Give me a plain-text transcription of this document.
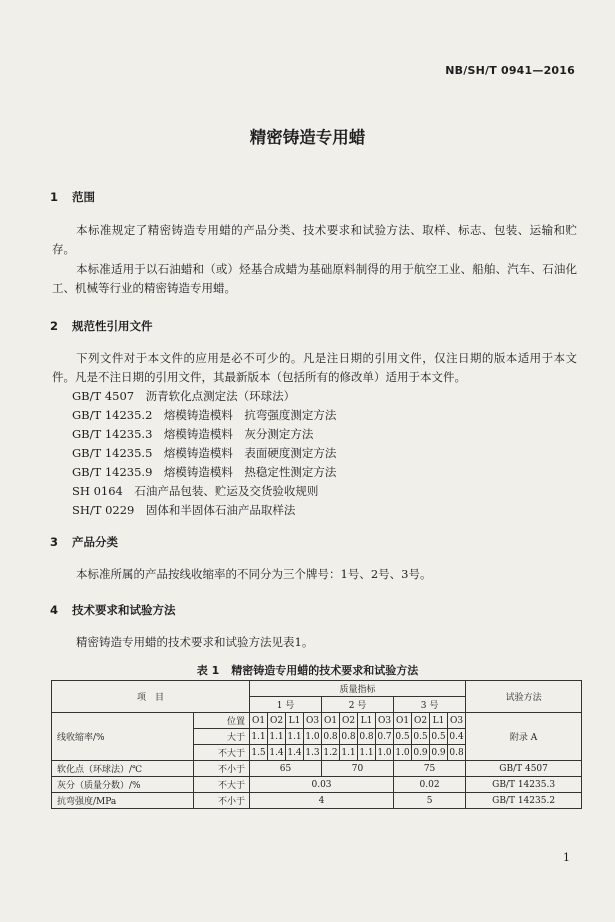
NB/SH/T 0941—2016
精密铸造专用蜡
1 范围
本标准规定了精密铸造专用蜡的产品分类、技术要求和试验方法、取样、标志、包装、运输和贮存。
本标准适用于以石油蜡和（或）烃基合成蜡为基础原料制得的用于航空工业、船舶、汽车、石油化工、机械等行业的精密铸造专用蜡。
2 规范性引用文件
下列文件对于本文件的应用是必不可少的。凡是注日期的引用文件，仅注日期的版本适用于本文件。凡是不注日期的引用文件，其最新版本（包括所有的修改单）适用于本文件。
GB/T 4507　 沥青软化点测定法（环球法）
GB/T 14235.2　 熔模铸造模料　抗弯强度测定方法
GB/T 14235.3　 熔模铸造模料　灰分测定方法
GB/T 14235.5　 熔模铸造模料　表面硬度测定方法
GB/T 14235.9　 熔模铸造模料　热稳定性测定方法
SH 0164　 石油产品包装、贮运及交货验收规则
SH/T 0229　 固体和半固体石油产品取样法
3 产品分类
本标准所属的产品按线收缩率的不同分为三个牌号：1号、2号、3号。
4 技术要求和试验方法
精密铸造专用蜡的技术要求和试验方法见表1。
表 1 精密铸造专用蜡的技术要求和试验方法
项　目		质量指标												试验方法
		1 号				2 号				3 号				
线收缩率/%	位置	O1	O2	L1	O3	O1	O2	L1	O3	O1	O2	L1	O3	附录 A
	大于	1.1	1.1	1.1	1.0	0.8	0.8	0.8	0.7	0.5	0.5	0.5	0.4	
	不大于	1.5	1.4	1.4	1.3	1.2	1.1	1.1	1.0	1.0	0.9	0.9	0.8	
软化点（环球法）/℃	不小于	65				70				75				GB/T 4507
灰分（质量分数）/%	不大于	0.03								0.02				GB/T 14235.3
抗弯强度/MPa	不小于	4								5				GB/T 14235.2
1
